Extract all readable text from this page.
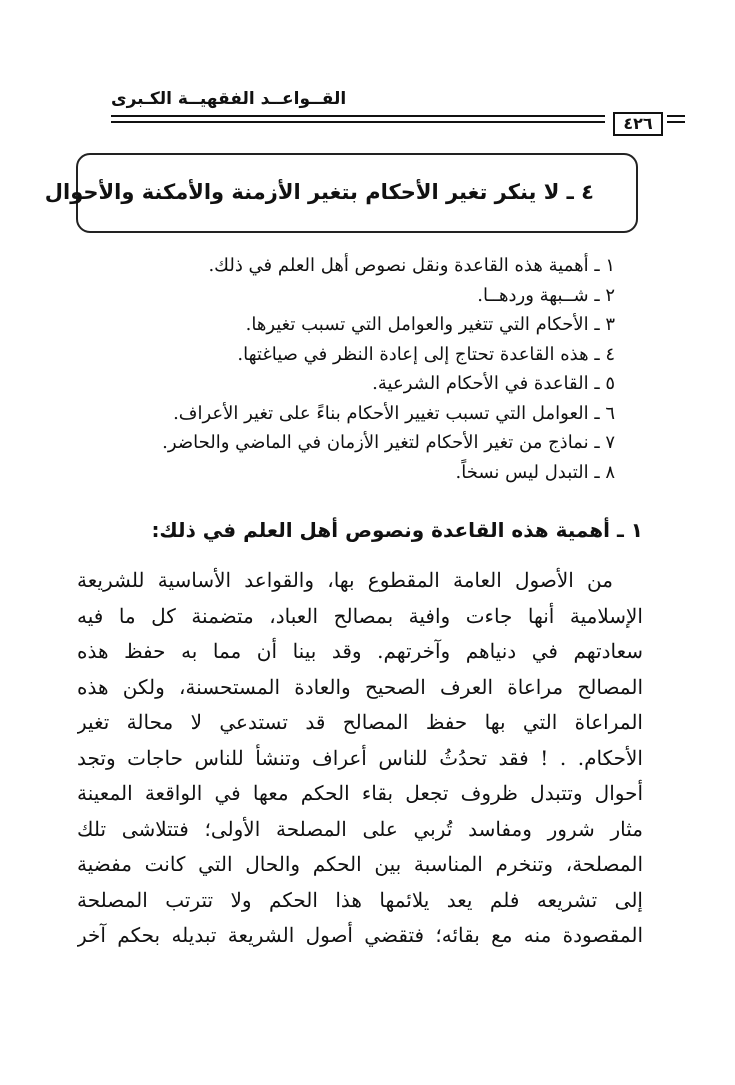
القــواعــد الفقهيــة الكـبرى
٤٢٦
٤ ـ لا ينكر تغير الأحكام بتغير الأزمنة والأمكنة والأحوال
١ ـ أهمية هذه القاعدة ونقل نصوص أهل العلم في ذلك.
٢ ـ شــبهة وردهــا.
٣ ـ الأحكام التي تتغير والعوامل التي تسبب تغيرها.
٤ ـ هذه القاعدة تحتاج إلى إعادة النظر في صياغتها.
٥ ـ القاعدة في الأحكام الشرعية.
٦ ـ العوامل التي تسبب تغيير الأحكام بناءً على تغير الأعراف.
٧ ـ نماذج من تغير الأحكام لتغير الأزمان في الماضي والحاضر.
٨ ـ التبدل ليس نسخاً.
١ ـ أهمية هذه القاعدة ونصوص أهل العلم في ذلك:
من الأصول العامة المقطوع بها، والقواعد الأساسية للشريعة
الإسلامية أنها جاءت وافية بمصالح العباد، متضمنة كل ما فيه
سعادتهم في دنياهم وآخرتهم. وقد بينا أن مما به حفظ هذه
المصالح مراعاة العرف الصحيح والعادة المستحسنة، ولكن هذه
المراعاة التي بها حفظ المصالح قد تستدعي لا محالة تغير
الأحكام. . ! فقد تحدُثُ للناس أعراف وتنشأ للناس حاجات وتجد
أحوال وتتبدل ظروف تجعل بقاء الحكم معها في الواقعة المعينة
مثار شرور ومفاسد تُربي على المصلحة الأولى؛ فتتلاشى تلك
المصلحة، وتنخرم المناسبة بين الحكم والحال التي كانت مفضية
إلى تشريعه فلم يعد يلائمها هذا الحكم ولا تترتب المصلحة
المقصودة منه مع بقائه؛ فتقضي أصول الشريعة تبديله بحكم آخر
